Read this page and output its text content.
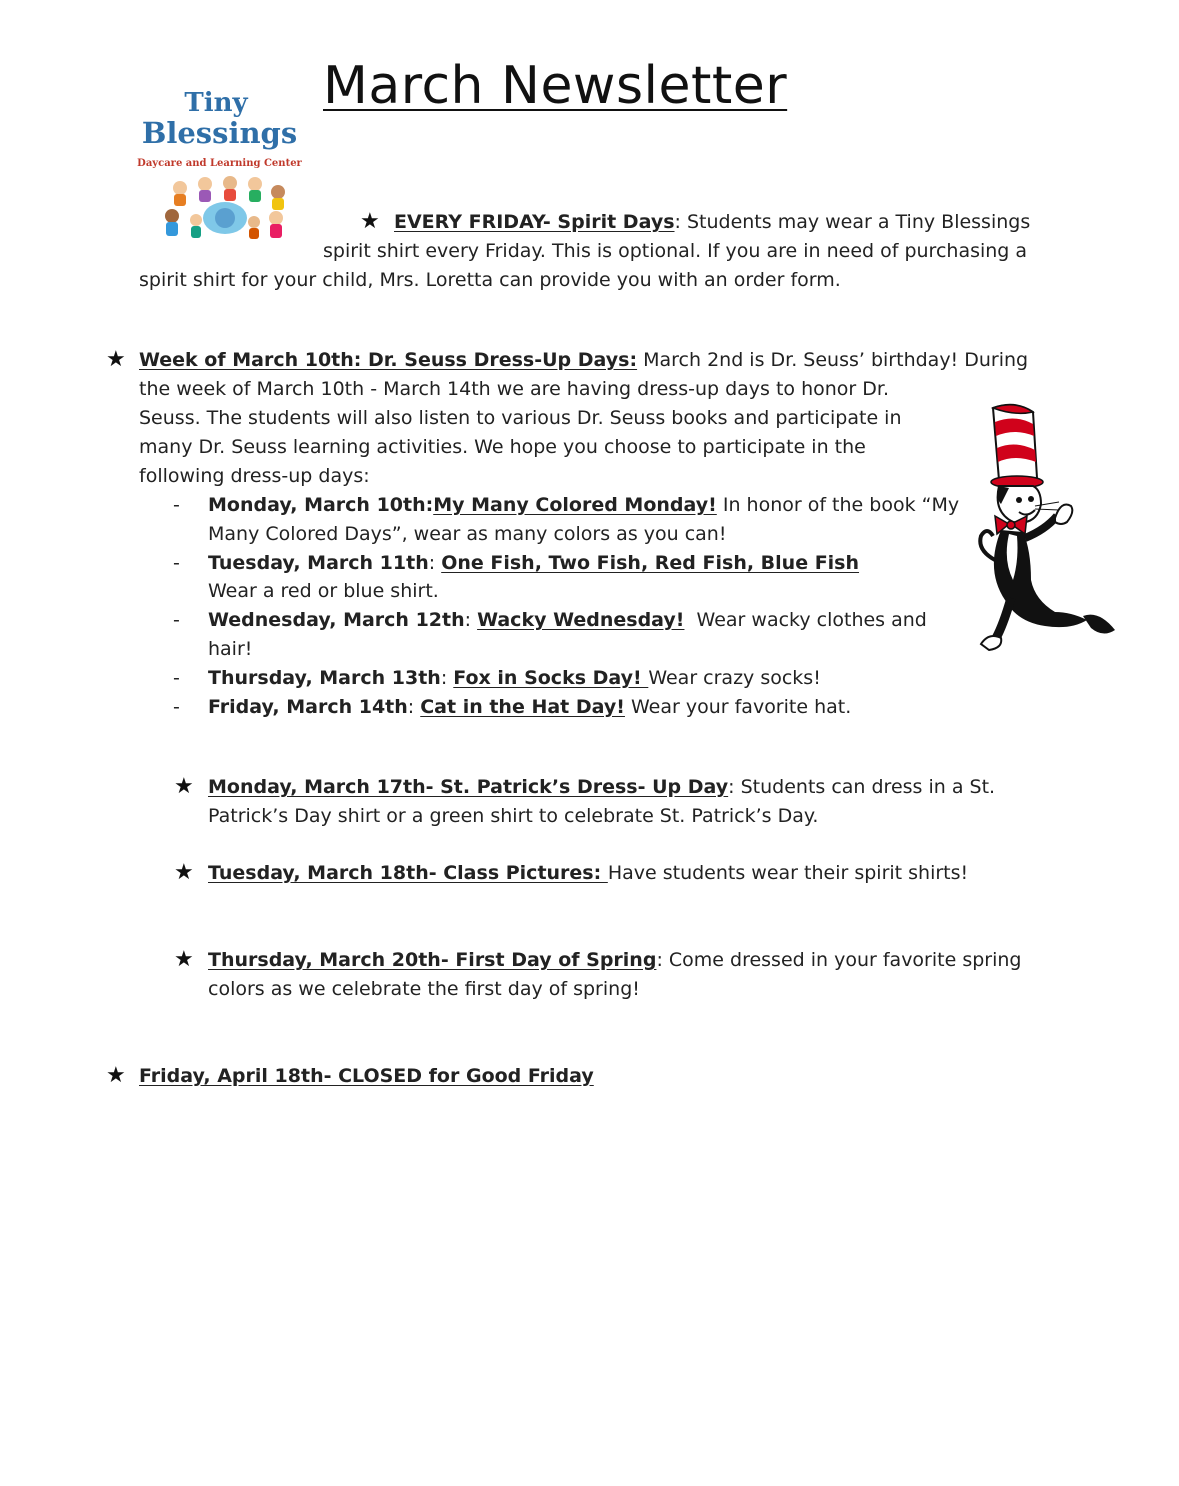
March Newsletter
Tiny
Blessings
Daycare and Learning Center
★ EVERY FRIDAY- Spirit Days: Students may wear a Tiny Blessings
spirit shirt every Friday. This is optional. If you are in need of purchasing a
spirit shirt for your child, Mrs. Loretta can provide you with an order form.
★ Week of March 10th: Dr. Seuss Dress-Up Days: March 2nd is Dr. Seuss’ birthday! During
the week of March 10th - March 14th we are having dress-up days to honor Dr.
Seuss. The students will also listen to various Dr. Seuss books and participate in
many Dr. Seuss learning activities. We hope you choose to participate in the
following dress-up days:
- Monday, March 10th:My Many Colored Monday! In honor of the book “My
Many Colored Days”, wear as many colors as you can!
- Tuesday, March 11th: One Fish, Two Fish, Red Fish, Blue Fish
Wear a red or blue shirt.
- Wednesday, March 12th: Wacky Wednesday!  Wear wacky clothes and
hair!
- Thursday, March 13th: Fox in Socks Day! Wear crazy socks!
- Friday, March 14th: Cat in the Hat Day! Wear your favorite hat.
★ Monday, March 17th- St. Patrick’s Dress- Up Day: Students can dress in a St.
Patrick’s Day shirt or a green shirt to celebrate St. Patrick’s Day.
★ Tuesday, March 18th- Class Pictures: Have students wear their spirit shirts!
★ Thursday, March 20th- First Day of Spring: Come dressed in your favorite spring
colors as we celebrate the first day of spring!
★ Friday, April 18th- CLOSED for Good Friday
